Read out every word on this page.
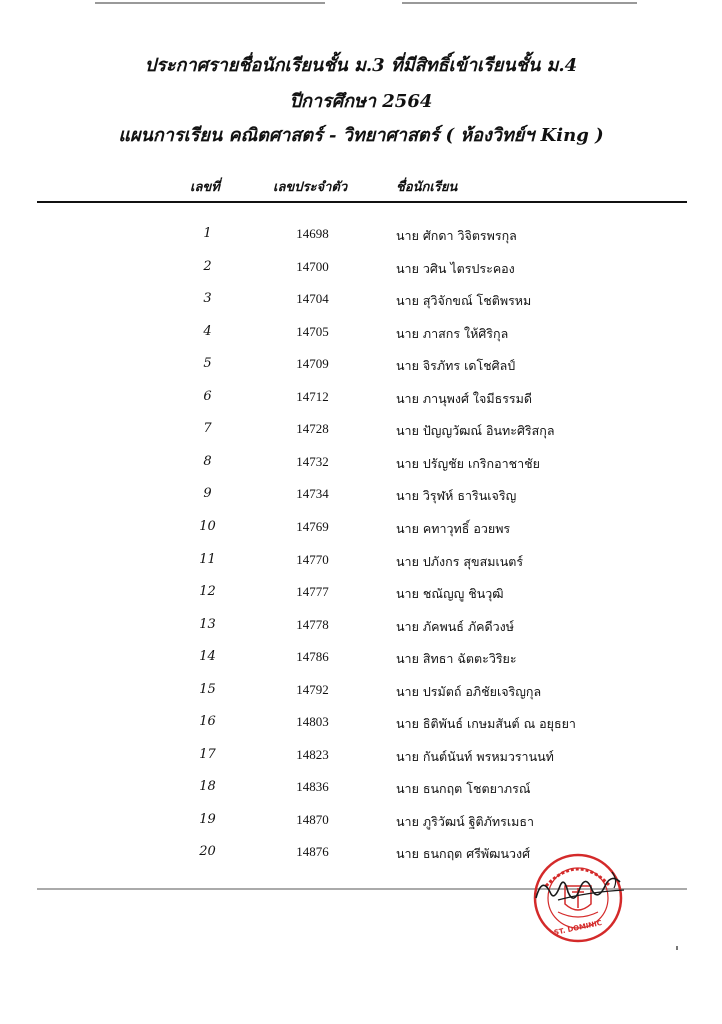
ประกาศรายชื่อนักเรียนชั้น ม.3 ที่มีสิทธิ์เข้าเรียนชั้น ม.4
ปีการศึกษา 2564
แผนการเรียน คณิตศาสตร์ - วิทยาศาสตร์ ( ห้องวิทย์ฯ King )
เลขที่	เลขประจำตัว	ชื่อนักเรียน
1	14698	นาย ศักดา วิจิตรพรกุล
2	14700	นาย วศิน ไตรประคอง
3	14704	นาย สุวิจักขณ์ โชติพรหม
4	14705	นาย ภาสกร ให้ศิริกุล
5	14709	นาย จิรภัทร เดโชศิลป์
6	14712	นาย ภานุพงศ์ ใจมีธรรมดี
7	14728	นาย ปัญญวัฒณ์ อินทะศิริสกุล
8	14732	นาย ปรัญชัย เกริกอาชาชัย
9	14734	นาย วิรุฬห์ ธารินเจริญ
10	14769	นาย คทาวุทธิ์ อวยพร
11	14770	นาย ปภังกร สุขสมเนตร์
12	14777	นาย ชณัญญู ชินวุฒิ
13	14778	นาย ภัคพนธ์ ภัคดีวงษ์
14	14786	นาย สิทธา ฉัตตะวิริยะ
15	14792	นาย ปรมัตถ์ อภิชัยเจริญกุล
16	14803	นาย ธิติพันธ์ เกษมสันต์ ณ อยุธยา
17	14823	นาย กันต์นันท์ พรหมวรานนท์
18	14836	นาย ธนกฤต โชตยาภรณ์
19	14870	นาย ภูริวัฒน์ ฐิติภัทรเมธา
20	14876	นาย ธนกฤต ศรีพัฒนวงศ์
ST. DOMINIC
